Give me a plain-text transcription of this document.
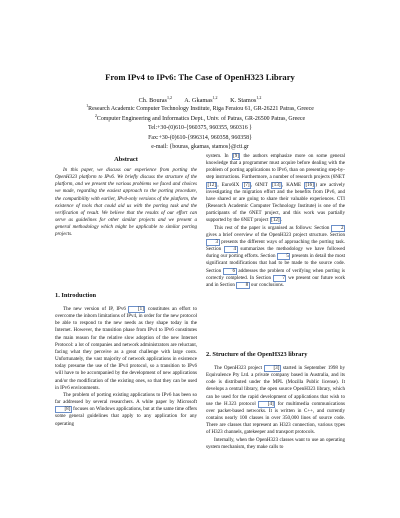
From IPv4 to IPv6: The Case of OpenH323 Library
Ch. Bouras$^{1,2}$ A. Gkamas$^{1,2}$ K. Stamos$^{1,2}$
$^1$Research Academic Computer Technology Institute, Riga Feraiou 61, GR-26221 Patras, Greece
$^2$Computer Engineering and Informatics Dept., Univ. of Patras, GR-26500 Patras, Greece
Tel:+30-(0)610-{960375, 960355, 960316 }
Fax:+30-(0)610-{996314, 960358, 960358}
e-mail: {bouras, gkamas, stamos}@cti.gr
Abstract

In this paper, we discuss our experience from porting the OpenH323 platform to IPv6. We briefly discuss the structure of the platform, and we present the various problems we faced and choices we made, regarding the easiest approach to the porting procedure, the compatibility with earlier, IPv4-only versions of the platform, the existence of tools that could aid us with the porting task and the verification of result. We believe that the results of our effort can serve as guidelines for other similar projects and we present a general methodology which might be applicable to similar porting projects.

1. Introduction

The new version of IP, IPv6 [1] constitutes an effort to overcome the inborn limitations of IPv4, in order for the new protocol be able to respond to the new needs as they shape today in the Internet. However, the transition phase from IPv4 to IPv6 constitutes the main reason for the relative slow adoption of the new Internet Protocol: a lot of companies and network administrators are reluctant, facing what they perceive as a great challenge with large costs. Unfortunately, the vast majority of network applications in existence today presume the use of the IPv4 protocol, so a transition to IPv6 will have to be accompanied by the development of new applications and/or the modification of the existing ones, so that they can be used in IPv6 environments.

The problem of porting existing applications to IPv6 has been so far addressed by several researchers. A white paper by Microsoft [8] focuses on Windows applications, but at the same time offers some general guidelines that apply to any application for any operating

system. In [9] the authors emphasize more on some general knowledge that a programmer must acquire before dealing with the problem of porting applications to IPv6, than on presenting step-by-step instructions. Furthermore, a number of research projects (6NET [12] , Euro6IX [7] , 6INIT [13] , KAME [16] ) are actively investigating the migration effort and the benefits from IPv6, and have shared or are going to share their valuable experiences. CTI (Research Academic Computer Technology Institute) is one of the participants of the 6NET project, and this work was partially supported by the 6NET project [12] .

This rest of the paper is organised as follows: Section 2 gives a brief overview of the OpenH323 project structure. Section 3 presents the different ways of approaching the porting task. Section 4 summarizes the methodology we have followed during our porting efforts. Section 5 presents in detail the most significant modifications that had to be made to the source code. Section 6 addresses the problem of verifying when porting is correctly completed. In Section 7 we present our future work and in Section 8 our conclusions.

2. Structure of the OpenH323 library

The OpenH323 project [3] started in September 1998 by Equivalence Pty Ltd. a private company based in Australia, and its code is distributed under the MPL (Mozilla Public license). It develops a central library, the open source OpenH323 library, which can be used for the rapid development of applications that wish to use the H.323 protocol [4] for multimedia communications over packet-based networks. It is written in C++, and currently contains nearly 100 classes in over 350,000 lines of source code. There are classes that represent an H323 connection, various types of H323 channels, gatekeeper and transport protocols.

Internally, when the OpenH323 classes want to use an operating system mechanism, they make calls to
